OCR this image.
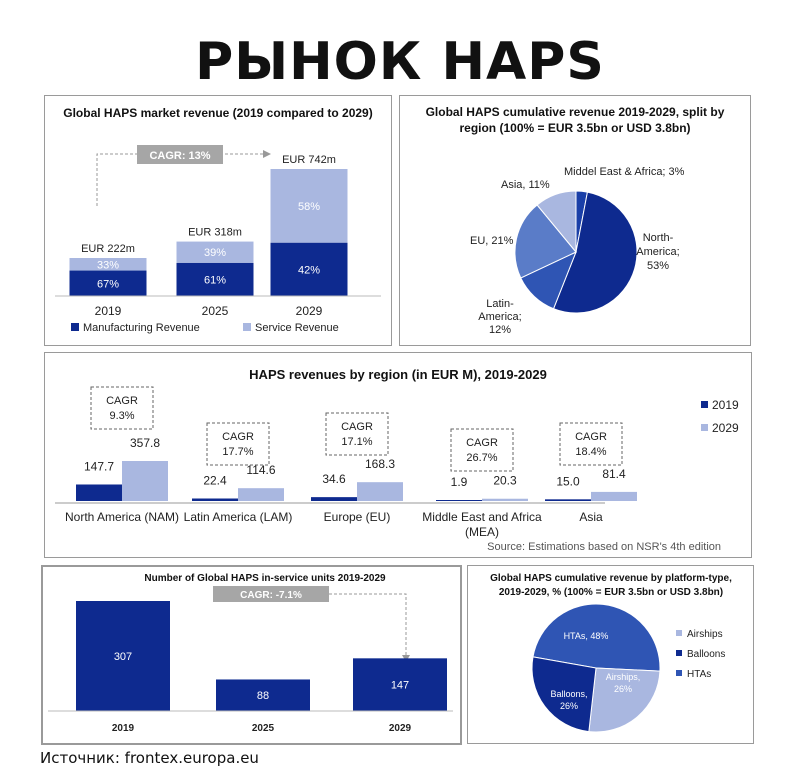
РЫНОК HAPS
Global HAPS market revenue (2019 compared to 2029)
CAGR: 13%
67%
33%
EUR 222m
61%
39%
EUR 318m
42%
58%
EUR 742m
2019	2025	2029
Manufacturing Revenue	Service Revenue
Global HAPS cumulative revenue 2019-2029, split by
region (100% = EUR 3.5bn or USD 3.8bn)
Middel East & Africa; 3%
North-
America;
53%
Latin-
America;
12%
EU, 21%
Asia, 11%
HAPS revenues by region (in EUR M), 2019-2029
CAGR
9.3%
CAGR
17.7%
CAGR
17.1%	CAGR
26.7%
CAGR
18.4%
147.7
357.8
22.4
114.6
34.6
168.3
1.9 20.3	15.0
81.4
North America (NAM) Latin America (LAM)	Europe (EU)	Middle East and Africa
(MEA)
Asia
2019
2029
Source: Estimations based on NSR's 4th edition
Number of Global HAPS in-service units 2019-2029
CAGR: -7.1%
307
88
147
2019	2025	2029
Global HAPS cumulative revenue by platform-type,
2019-2029, % (100% = EUR 3.5bn or USD 3.8bn)
HTAs, 48%
Airships,
26%
Balloons,
26%
Airships
Balloons
HTAs
Источник: frontex.europa.eu
